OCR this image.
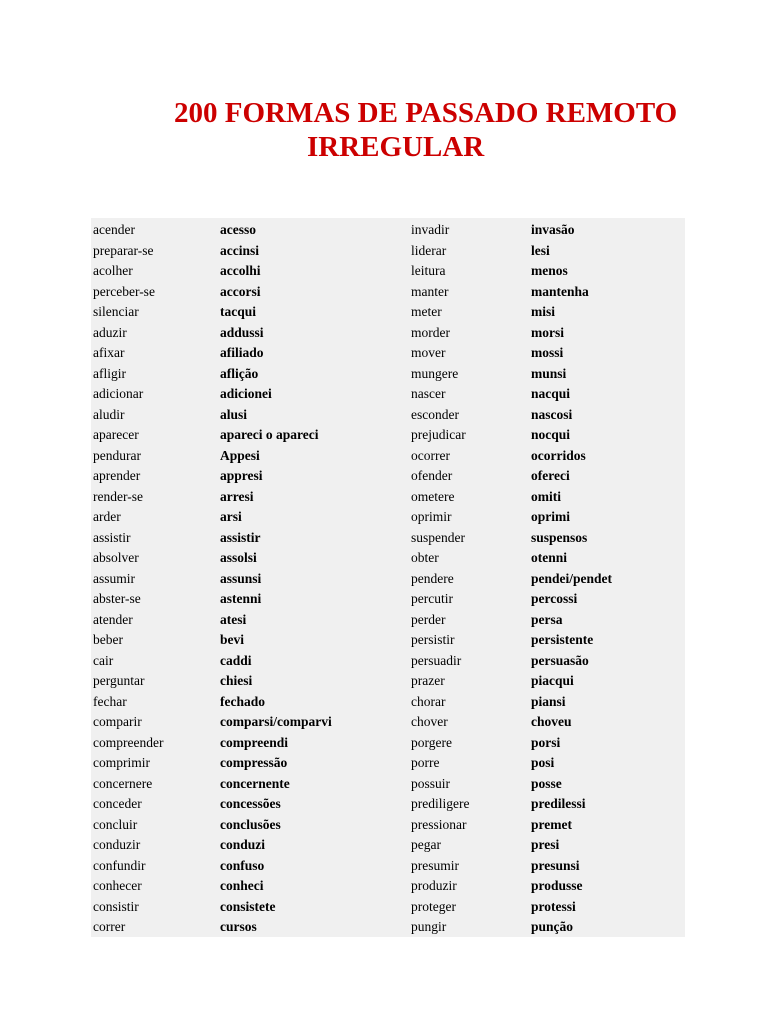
200 FORMAS DE PASSADO REMOTO
IRREGULAR
acender	acesso	invadir	invasão
preparar-se	accinsi	liderar	lesi
acolher	accolhi	leitura	menos
perceber-se	accorsi	manter	mantenha
silenciar	tacqui	meter	misi
aduzir	addussi	morder	morsi
afixar	afiliado	mover	mossi
afligir	aflição	mungere	munsi
adicionar	adicionei	nascer	nacqui
aludir	alusi	esconder	nascosi
aparecer	apareci o apareci	prejudicar	nocqui
pendurar	Appesi	ocorrer	ocorridos
aprender	appresi	ofender	ofereci
render-se	arresi	ometere	omiti
arder	arsi	oprimir	oprimi
assistir	assistir	suspender	suspensos
absolver	assolsi	obter	otenni
assumir	assunsi	pendere	pendei/pendet
abster-se	astenni	percutir	percossi
atender	atesi	perder	persa
beber	bevi	persistir	persistente
cair	caddi	persuadir	persuasão
perguntar	chiesi	prazer	piacqui
fechar	fechado	chorar	piansi
comparir	comparsi/comparvi	chover	choveu
compreender	compreendi	porgere	porsi
comprimir	compressão	porre	posi
concernere	concernente	possuir	posse
conceder	concessões	prediligere	predilessi
concluir	conclusões	pressionar	premet
conduzir	conduzi	pegar	presi
confundir	confuso	presumir	presunsi
conhecer	conheci	produzir	produsse
consistir	consistete	proteger	protessi
correr	cursos	pungir	punção
